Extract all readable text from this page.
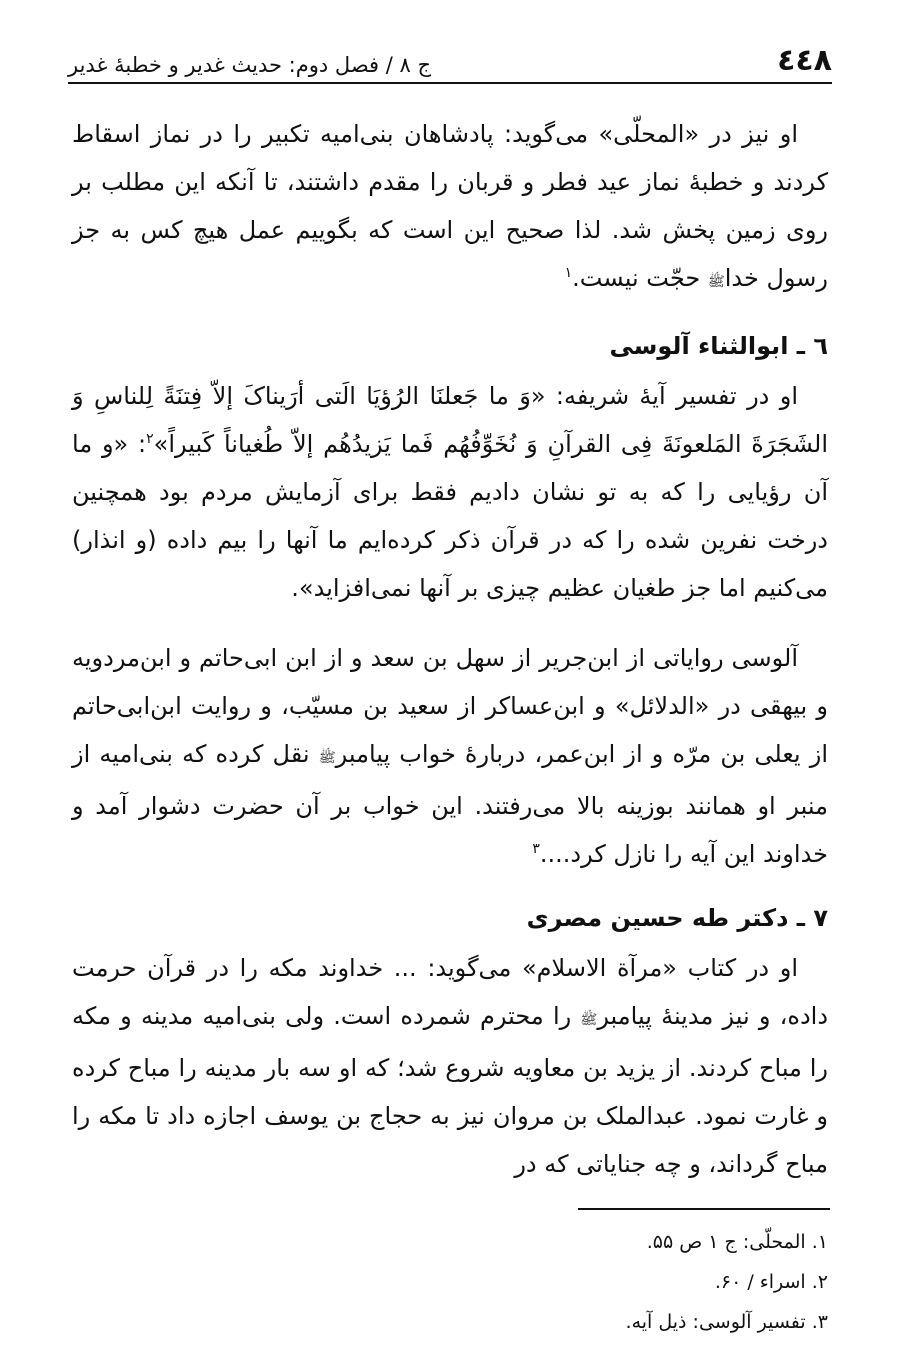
٤٤٨
ج ۸ / فصل دوم: حدیث غدیر و خطبهٔ غدیر

او نیز در «المحلّی» می‌گوید: پادشاهان بنی‌امیه تکبیر را در نماز اسقاط کردند و خطبهٔ نماز عید فطر و قربان را مقدم داشتند، تا آنکه این مطلب بر روی زمین پخش شد. لذا صحیح این است که بگوییم عمل هیچ کس به جز رسول خداﷺ حجّت نیست.$^۱$

٦ ـ ابوالثناء آلوسی

او در تفسیر آیهٔ شریفه: «وَ ما جَعلنَا الرُؤیَا الَتی أرَیناکَ إلاّ فِتنَةً لِلناسِ وَ الشَجَرَةَ المَلعونَةَ فِی القرآنِ وَ نُخَوِّفُهُم فَما یَزیدُهُم إلاّ طُغیاناً کَبیراً»$^۲$: «و ما آن رؤیایی را که به تو نشان دادیم فقط برای آزمایش مردم بود همچنین درخت نفرین شده را که در قرآن ذکر کرده‌ایم ما آنها را بیم داده (و انذار) می‌کنیم اما جز طغیان عظیم چیزی بر آنها نمی‌افزاید».

آلوسی روایاتی از ابن‌جریر از سهل بن سعد و از ابن ابی‌حاتم و ابن‌مردویه و بیهقی در «الدلائل» و ابن‌عساکر از سعید بن مسیّب، و روایت ابن‌ابی‌حاتم از یعلی بن مرّه و از ابن‌عمر، دربارهٔ خواب پیامبرﷺ نقل کرده که بنی‌امیه از منبر او همانند بوزینه بالا می‌رفتند. این خواب بر آن حضرت دشوار آمد و خداوند این آیه را نازل کرد....$^۳$

۷ ـ دکتر طه حسین مصری

او در کتاب «مرآة الاسلام» می‌گوید: ... خداوند مکه را در قرآن حرمت داده، و نیز مدینهٔ پیامبرﷺ را محترم شمرده است. ولی بنی‌امیه مدینه و مکه را مباح کردند. از یزید بن معاویه شروع شد؛ که او سه بار مدینه را مباح کرده و غارت نمود. عبدالملک بن مروان نیز به حجاج بن یوسف اجازه داد تا مکه را مباح گرداند، و چه جنایاتی که در

۱. المحلّی: ج ۱ ص ۵۵.

۲. اسراء / ۶۰.

۳. تفسیر آلوسی: ذیل آیه.
